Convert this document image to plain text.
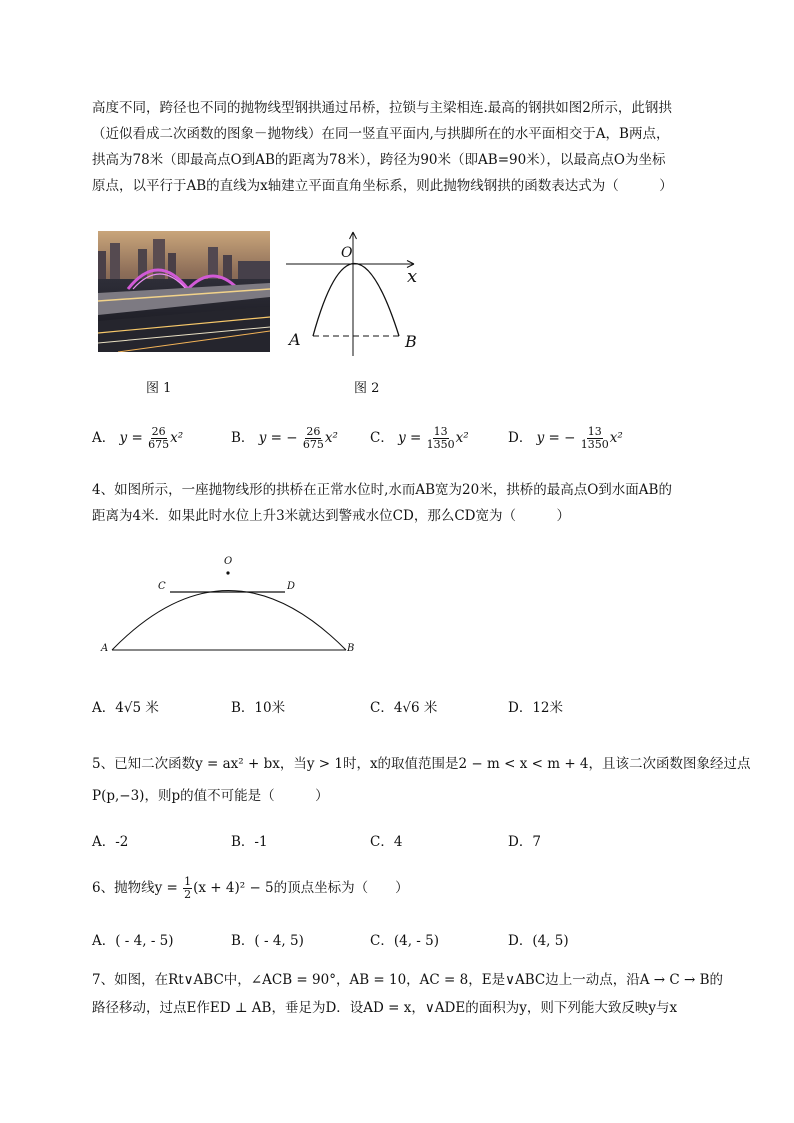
高度不同，跨径也不同的抛物线型钢拱通过吊桥，拉锁与主梁相连.最高的钢拱如图2所示，此钢拱
（近似看成二次函数的图象－抛物线）在同一竖直平面内,与拱脚所在的水平面相交于A，B两点，
拱高为78米（即最高点O到AB的距离为78米），跨径为90米（即AB=90米），以最高点O为坐标
原点，以平行于AB的直线为x轴建立平面直角坐标系，则此抛物线钢拱的函数表达式为（　　　）
图 1
O
x
A	B
图 2
A． $y = \frac{26}{675} x^2$	B． y = − $\frac{26}{675} x^2$ C． $y = \frac{13}{1350} x^2$	D． y = − $\frac{13}{1350} x^2$
4、如图所示，一座抛物线形的拱桥在正常水位时,水而AB宽为20米，拱桥的最高点O到水面AB的
距离为4米．如果此时水位上升3米就达到警戒水位CD，那么CD宽为（　　　）
O
C	D
A	B
A．4√5 米	B．10米	C．4√6 米	D．12米
5、已知二次函数y = ax² + bx，当y > 1时，x的取值范围是2 − m < x < m + 4，且该二次函数图象经过点
P(p,−3)，则p的值不可能是（　　　）
A．-2	B．-1	C．4	D．7
6、抛物线$y = \frac{1}{2} (x + 4)^2 - 5$的顶点坐标为（　　）
A．( - 4, - 5)	B．( - 4, 5)	C．(4, - 5)	D．(4, 5)
7、如图，在Rt∨ABC中，∠ACB = 90°，AB = 10，AC = 8，E是∨ABC边上一动点，沿A → C → B的
路径移动，过点E作ED ⊥ AB，垂足为D．设AD = x，∨ADE的面积为y，则下列能大致反映y与x
